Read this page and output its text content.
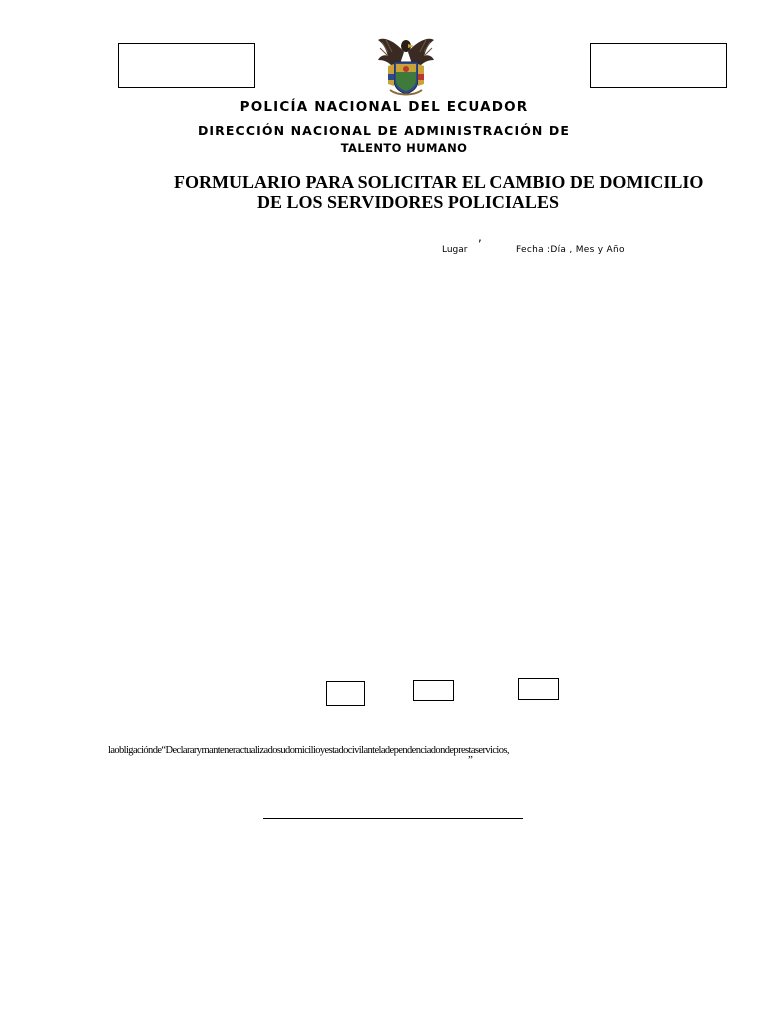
POLICÍA NACIONAL DEL ECUADOR
DIRECCIÓN NACIONAL DE ADMINISTRACIÓN DE
TALENTO HUMANO
FORMULARIO PARA SOLICITAR EL CAMBIO DE DOMICILIO
DE LOS SERVIDORES POLICIALES
,
Lugar	Fecha :Día , Mes y Año
laobligaciónde“Declararymanteneractualizadosudomicilioyestadocivilanteladependenciadondeprestaservicios,
”
